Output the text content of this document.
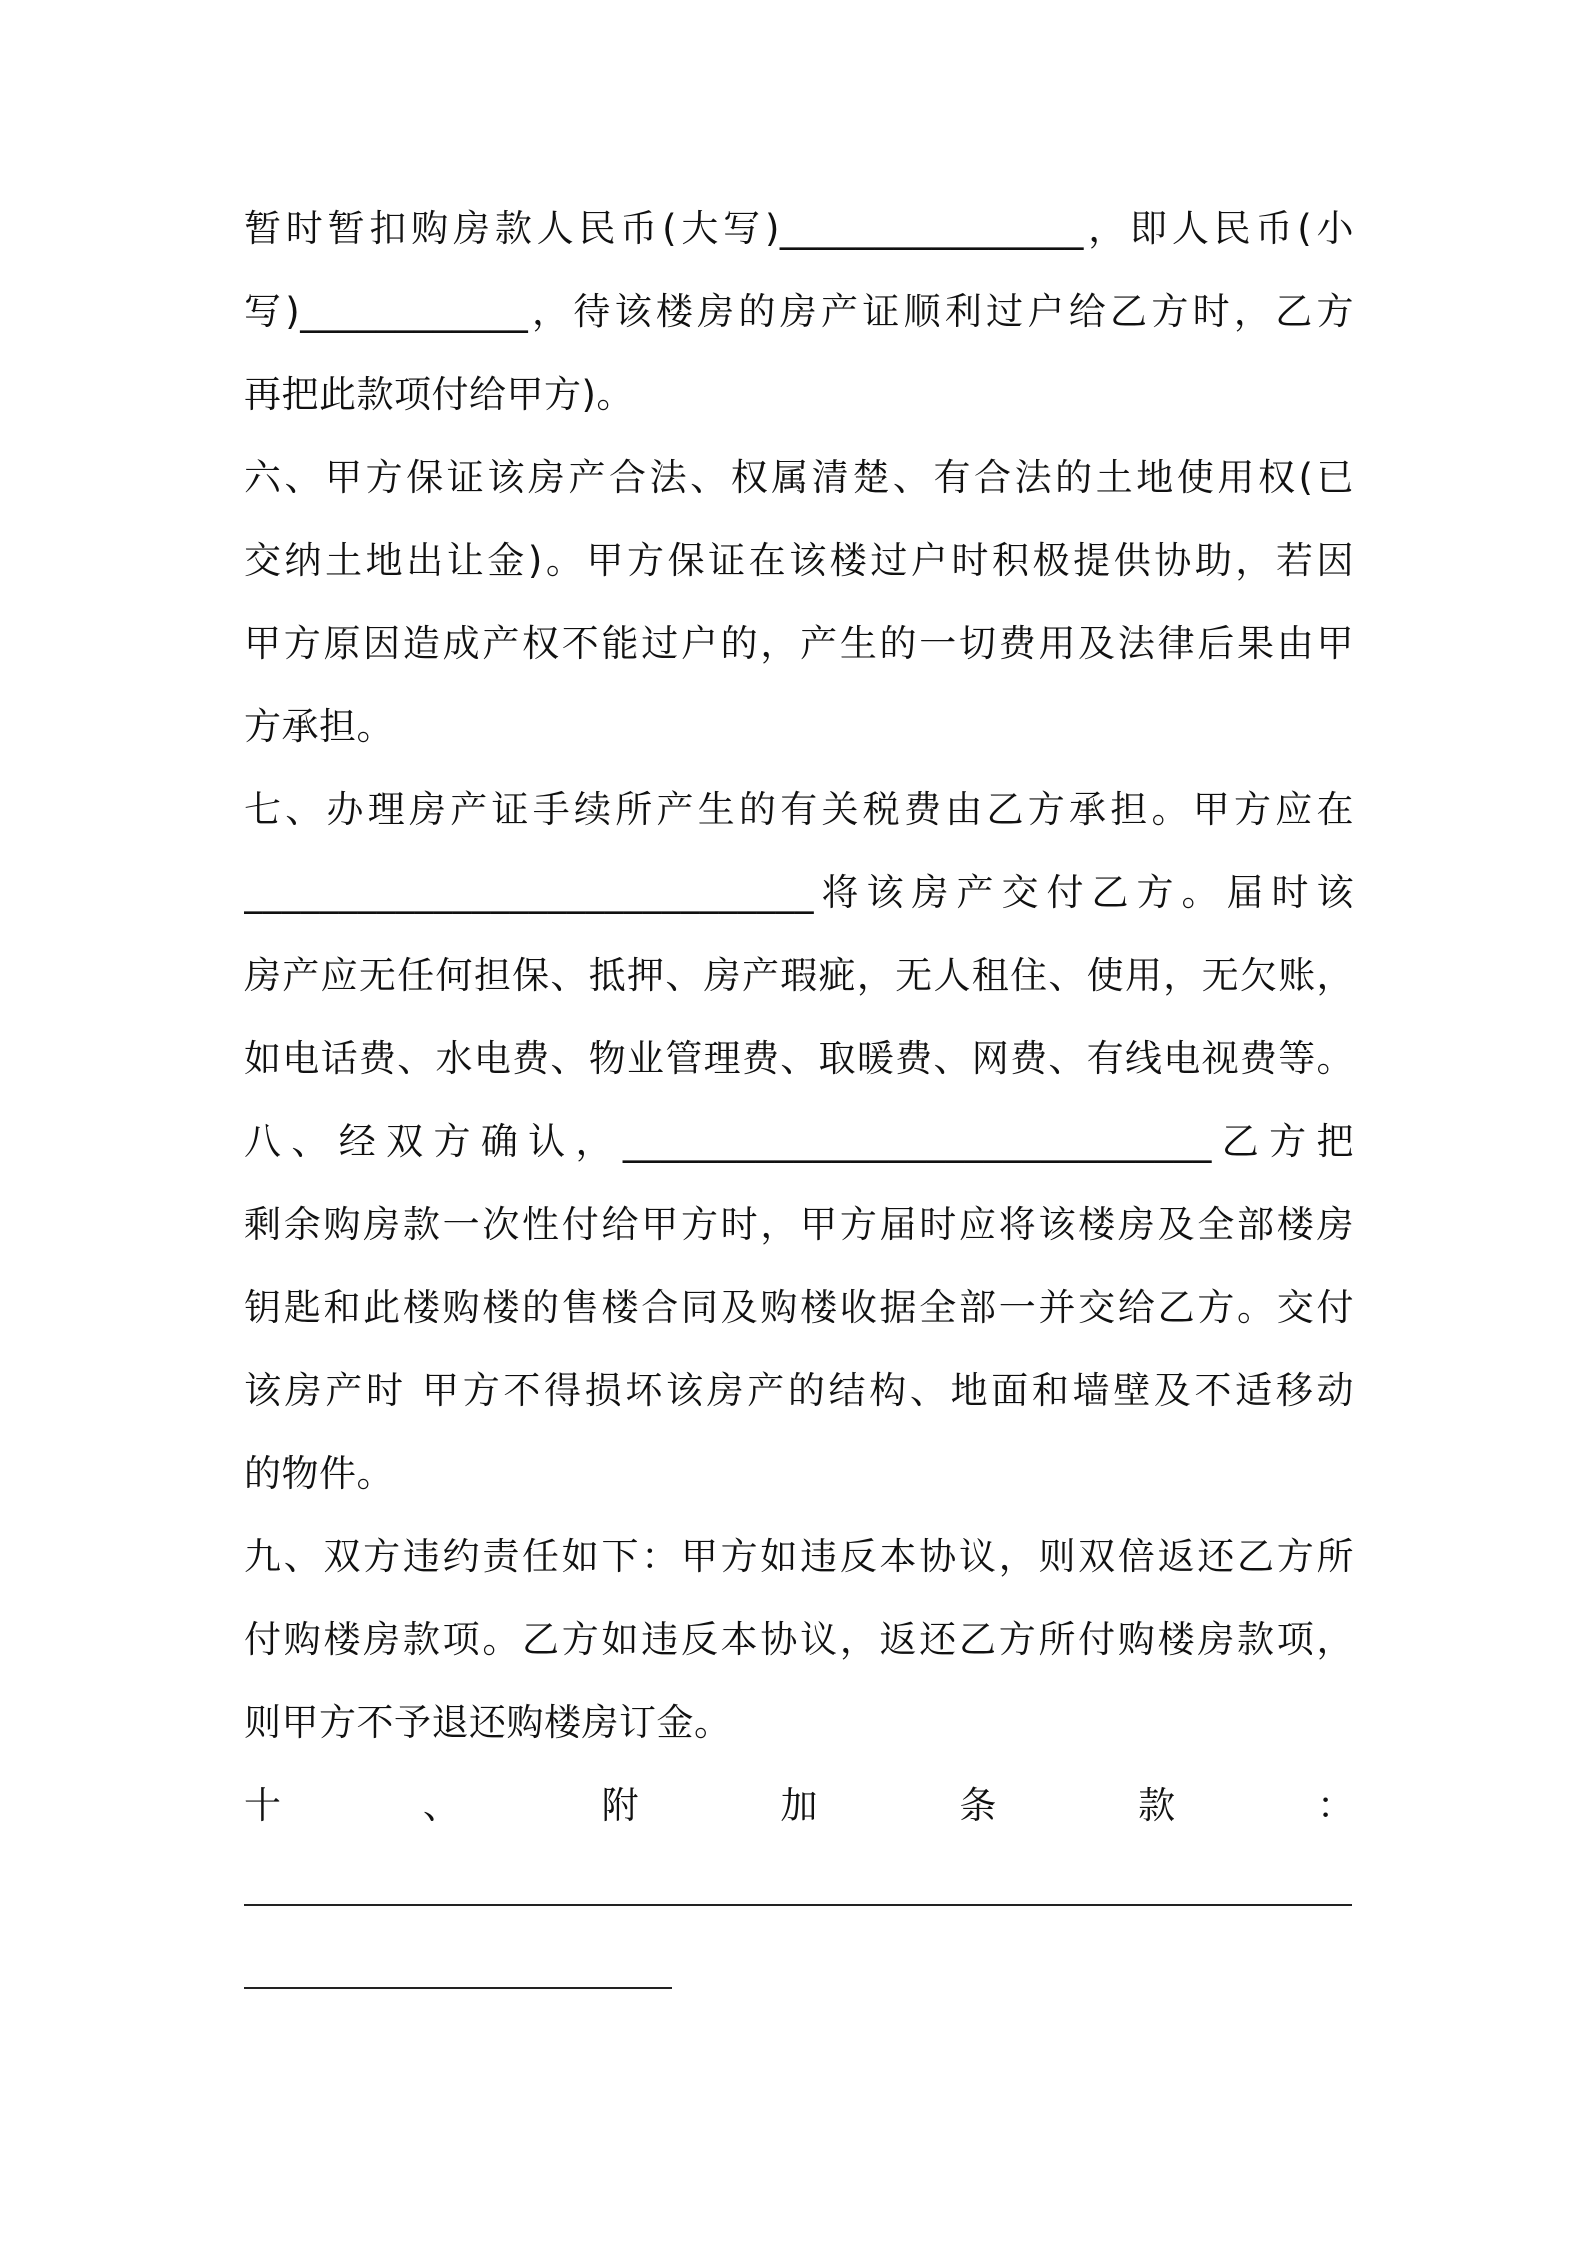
暂时暂扣购房款人民币(大写)________________，即人民币(小
写)____________，待该楼房的房产证顺利过户给乙方时，乙方
再把此款项付给甲方)。
六、甲方保证该房产合法、权属清楚、有合法的土地使用权(已
交纳土地出让金)。甲方保证在该楼过户时积极提供协助，若因
甲方原因造成产权不能过户的，产生的一切费用及法律后果由甲
方承担。
七、办理房产证手续所产生的有关税费由乙方承担。甲方应在
______________________________将该房产交付乙方。届时该
房产应无任何担保、抵押、房产瑕疵，无人租住、使用，无欠账，
如电话费、水电费、物业管理费、取暖费、网费、有线电视费等。
八、经双方确认，_______________________________乙方把
剩余购房款一次性付给甲方时，甲方届时应将该楼房及全部楼房
钥匙和此楼购楼的售楼合同及购楼收据全部一并交给乙方。交付
该房产时 甲方不得损坏该房产的结构、地面和墙壁及不适移动
的物件。
九、双方违约责任如下：甲方如违反本协议，则双倍返还乙方所
付购楼房款项。乙方如违反本协议，返还乙方所付购楼房款项，
则甲方不予退还购楼房订金。
十	、	附	加	条	款	：
